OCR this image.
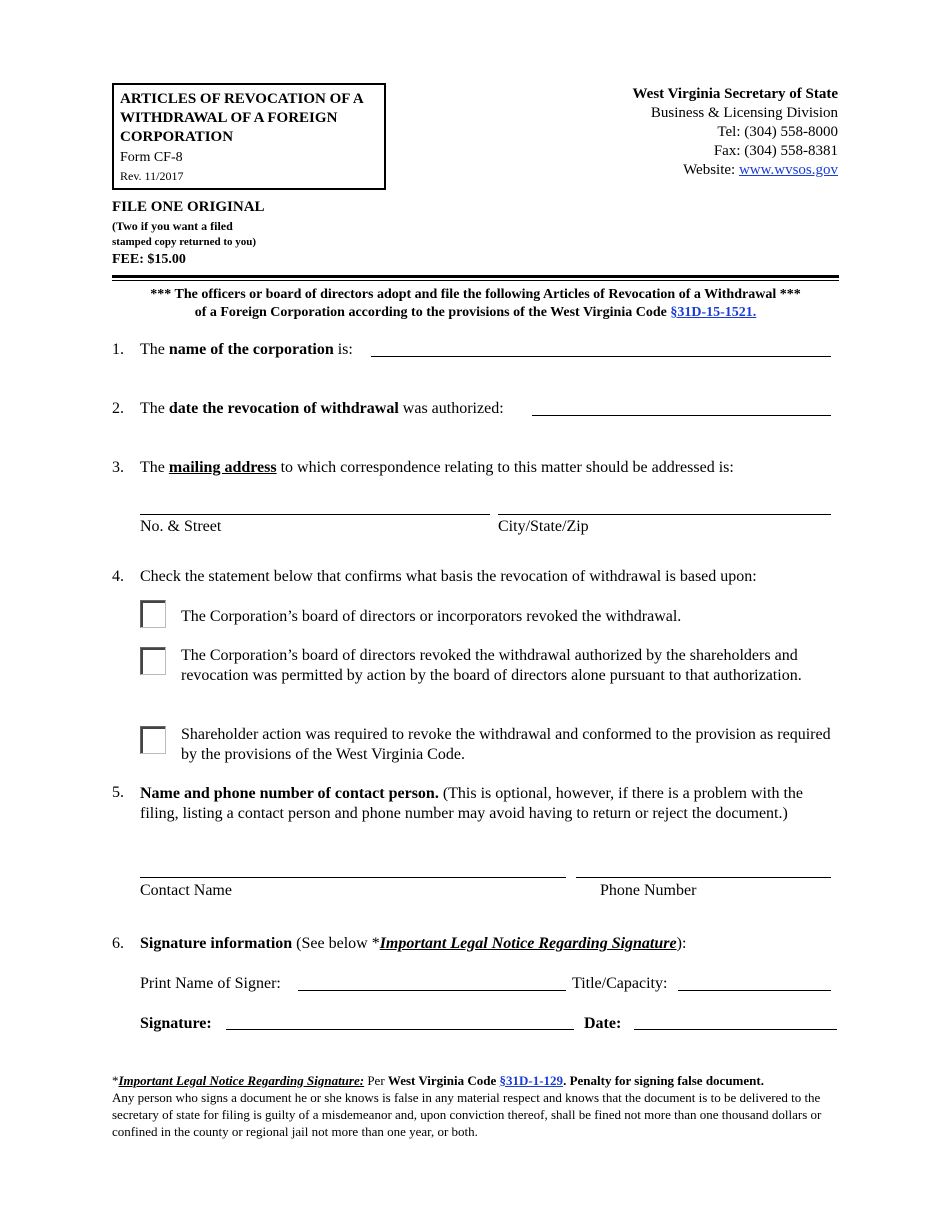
ARTICLES OF REVOCATION OF A
WITHDRAWAL OF A FOREIGN
CORPORATION
Form CF-8
Rev. 11/2017
West Virginia Secretary of State
Business & Licensing Division
Tel: (304) 558-8000
Fax: (304) 558-8381
Website: www.wvsos.gov
FILE ONE ORIGINAL
(Two if you want a filed
stamped copy returned to you)
FEE: $15.00
*** The officers or board of directors adopt and file the following Articles of Revocation of a Withdrawal ***
of a Foreign Corporation according to the provisions of the West Virginia Code §31D-15-1521.
1. The name of the corporation is:
2. The date the revocation of withdrawal was authorized:
3. The mailing address to which correspondence relating to this matter should be addressed is:
No. & Street	City/State/Zip
4. Check the statement below that confirms what basis the revocation of withdrawal is based upon:
The Corporation’s board of directors or incorporators revoked the withdrawal.
The Corporation’s board of directors revoked the withdrawal authorized by the shareholders and revocation was permitted by action by the board of directors alone pursuant to that authorization.
Shareholder action was required to revoke the withdrawal and conformed to the provision as required by the provisions of the West Virginia Code.
5. Name and phone number of contact person. (This is optional, however, if there is a problem with the filing, listing a contact person and phone number may avoid having to return or reject the document.)
Contact Name	Phone Number
6. Signature information (See below *Important Legal Notice Regarding Signature):
Print Name of Signer:	Title/Capacity:
Signature:	Date:
*Important Legal Notice Regarding Signature: Per West Virginia Code §31D-1-129. Penalty for signing false document.
Any person who signs a document he or she knows is false in any material respect and knows that the document is to be delivered to the secretary of state for filing is guilty of a misdemeanor and, upon conviction thereof, shall be fined not more than one thousand dollars or confined in the county or regional jail not more than one year, or both.
